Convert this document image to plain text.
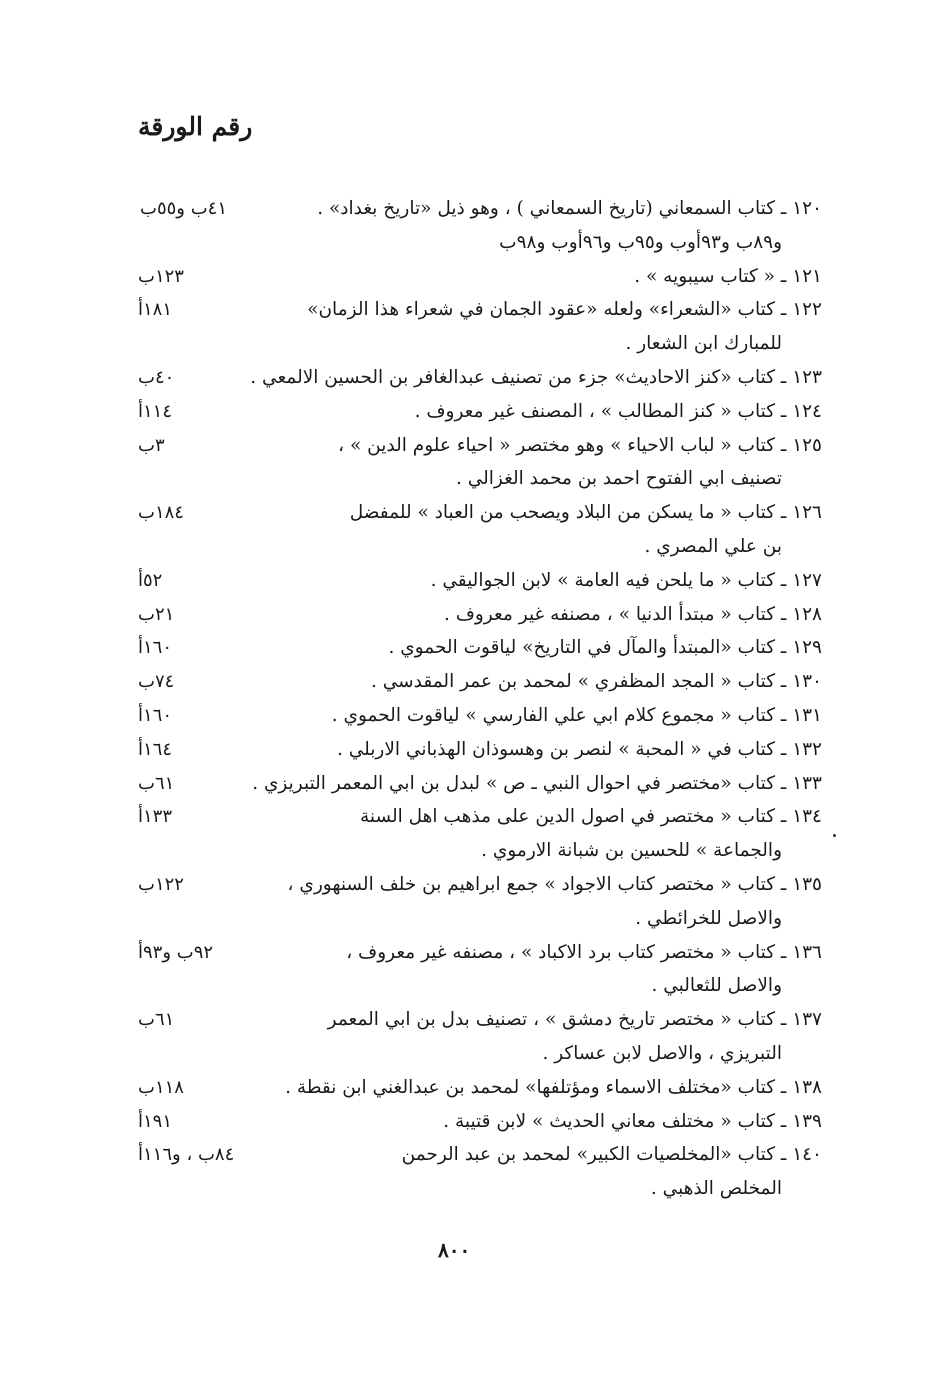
رقم الورقة
١٢٠ ـ كتاب السمعاني (تاريخ السمعاني ) ، وهو ذيل «تاريخ بغداد» .
٤١ب و٥٥ب
و٨٩ب و٩٣أوب و٩٥ب و٩٦أوب و٩٨ب
١٢١ ـ « كتاب سيبويه » .
١٢٣ب
١٢٢ ـ كتاب «الشعراء» ولعله «عقود الجمان في شعراء هذا الزمان»
١٨١أ
للمبارك ابن الشعار .
١٢٣ ـ كتاب «كنز الاحاديث» جزء من تصنيف عبدالغافر بن الحسين الالمعي .
٤٠ب
١٢٤ ـ كتاب « كنز المطالب » ، المصنف غير معروف .
١١٤أ
١٢٥ ـ كتاب « لباب الاحياء » وهو مختصر « احياء علوم الدين » ،
٣ب
تصنيف ابي الفتوح احمد بن محمد الغزالي .
١٢٦ ـ كتاب « ما يسكن من البلاد ويصحب من العباد » للمفضل
١٨٤ب
بن علي المصري .
١٢٧ ـ كتاب « ما يلحن فيه العامة » لابن الجواليقي .
٥٢أ
١٢٨ ـ كتاب « مبتدأ الدنيا » ، مصنفه غير معروف .
٢١ب
١٢٩ ـ كتاب «المبتدأ والمآل في التاريخ» لياقوت الحموي .
١٦٠أ
١٣٠ ـ كتاب « المجد المظفري » لمحمد بن عمر المقدسي .
٧٤ب
١٣١ ـ كتاب « مجموع كلام ابي علي الفارسي » لياقوت الحموي .
١٦٠أ
١٣٢ ـ كتاب في « المحبة » لنصر بن وهسوذان الهذباني الاربلي .
١٦٤أ
١٣٣ ـ كتاب «مختصر في احوال النبي ـ ص » لبدل بن ابي المعمر التبريزي .
٦١ب
١٣٤ ـ كتاب « مختصر في اصول الدين على مذهب اهل السنة
١٣٣أ
والجماعة » للحسين بن شبانة الارموي .
١٣٥ ـ كتاب « مختصر كتاب الاجواد » جمع ابراهيم بن خلف السنهوري ،
١٢٢ب
والاصل للخرائطي .
١٣٦ ـ كتاب « مختصر كتاب برد الاكباد » ، مصنفه غير معروف ،
٩٢ب و٩٣أ
والاصل للثعالبي .
١٣٧ ـ كتاب « مختصر تاريخ دمشق » ، تصنيف بدل بن ابي المعمر
٦١ب
التبريزي ، والاصل لابن عساكر .
١٣٨ ـ كتاب «مختلف الاسماء ومؤتلفها» لمحمد بن عبدالغني ابن نقطة .
١١٨ب
١٣٩ ـ كتاب « مختلف معاني الحديث » لابن قتيبة .
١٩١أ
١٤٠ ـ كتاب «المخلصيات الكبير» لمحمد بن عبد الرحمن
٨٤ب ، و١١٦أ
المخلص الذهبي .
٨٠٠
